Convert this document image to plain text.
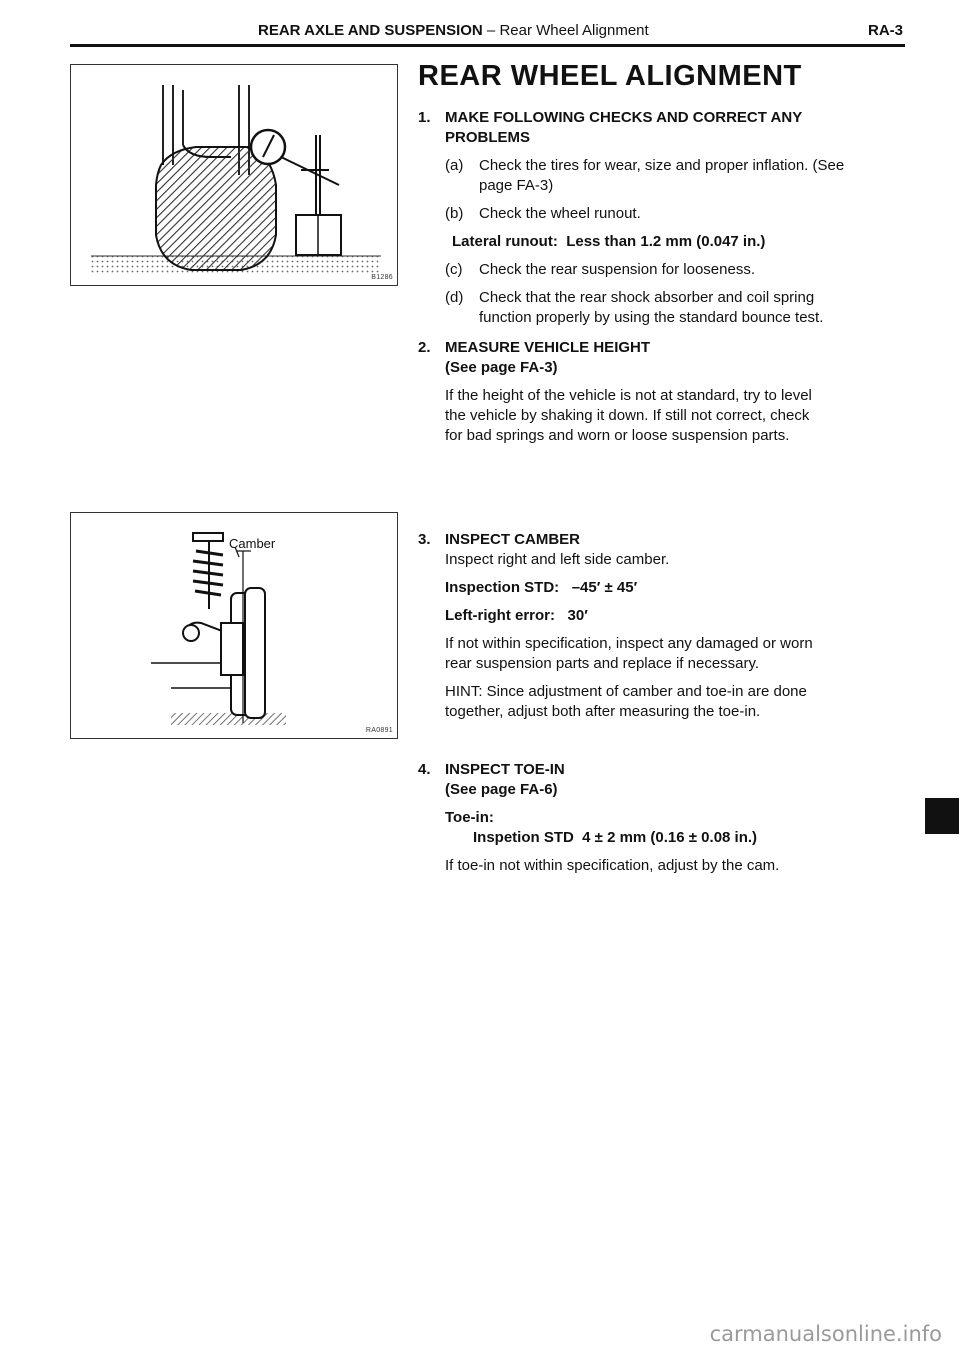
REAR AXLE AND SUSPENSION – Rear Wheel Alignment	RA-3
B1286
Camber
RA0891
REAR WHEEL ALIGNMENT
1. MAKE FOLLOWING CHECKS AND CORRECT ANY
PROBLEMS
(a) Check the tires for wear, size and proper inflation. (See
page FA-3)
(b) Check the wheel runout.
Lateral runout: Less than 1.2 mm (0.047 in.)
(c) Check the rear suspension for looseness.
(d) Check that the rear shock absorber and coil spring
function properly by using the standard bounce test.
2. MEASURE VEHICLE HEIGHT
(See page FA-3)
If the height of the vehicle is not at standard, try to level
the vehicle by shaking it down. If still not correct, check
for bad springs and worn or loose suspension parts.
3. INSPECT CAMBER
Inspect right and left side camber.
Inspection STD: –45′ ± 45′
Left-right error: 30′
If not within specification, inspect any damaged or worn
rear suspension parts and replace if necessary.
HINT: Since adjustment of camber and toe-in are done
together, adjust both after measuring the toe-in.
4. INSPECT TOE-IN
(See page FA-6)
Toe-in:
Inspetion STD  4 ± 2 mm (0.16 ± 0.08 in.)
If toe-in not within specification, adjust by the cam.
carmanualsonline.info
